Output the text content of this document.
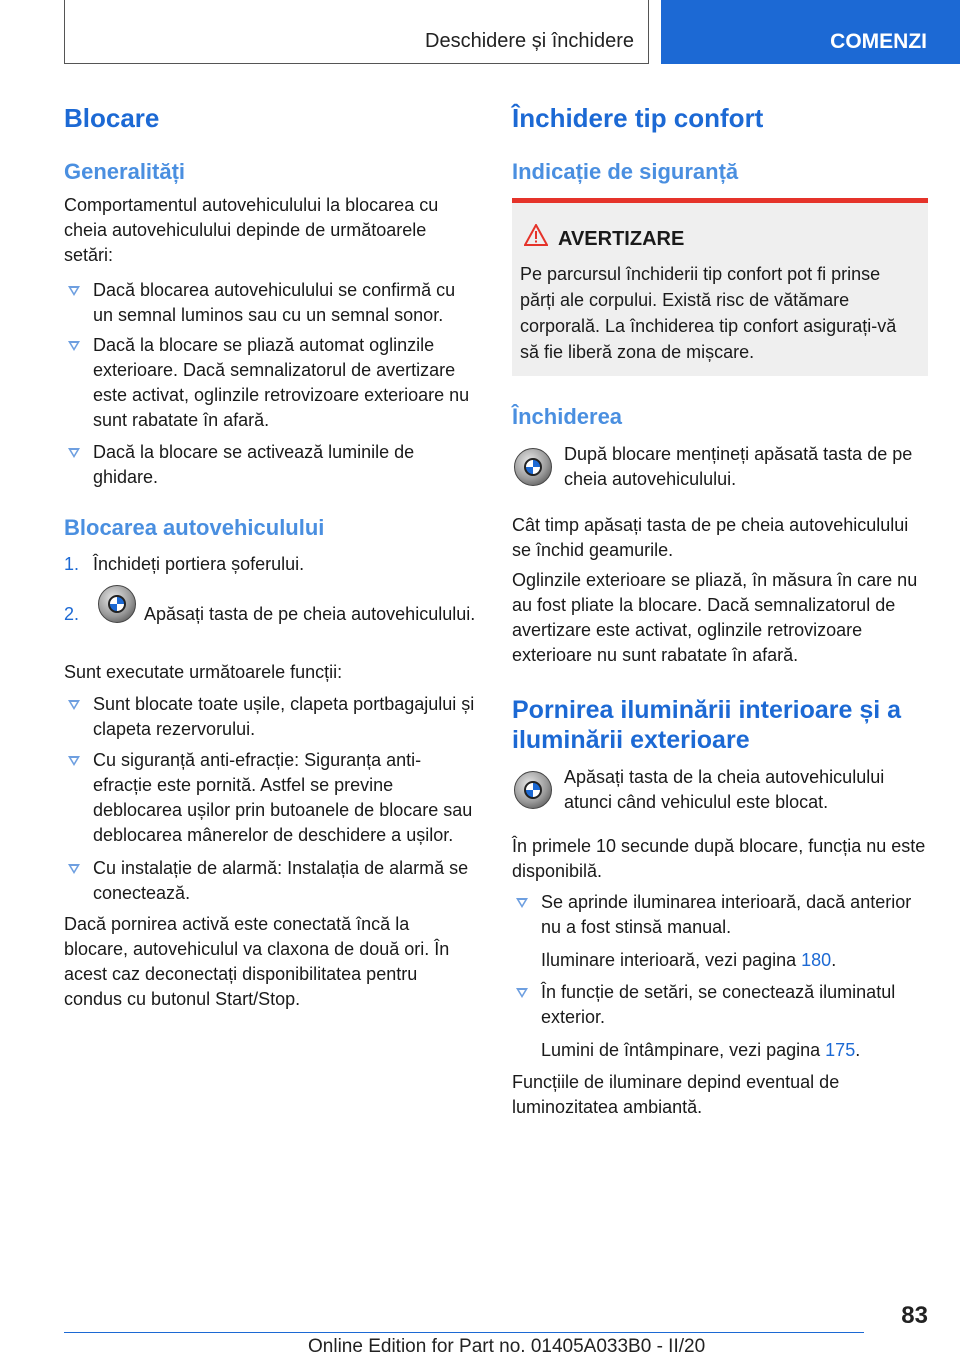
Deschidere și închidere	COMENZI
Blocare
Generalități

Comportamentul autovehiculului la blocarea cu cheia autovehiculului depinde de următoarele setări:

Dacă blocarea autovehiculului se confirmă cu un semnal luminos sau cu un semnal sonor.
Dacă la blocare se pliază automat oglinzile exterioare. Dacă semnalizatorul de avertizare este activat, oglinzile retrovizoare exterioare nu sunt rabatate în afară.
Dacă la blocare se activează luminile de ghidare.
Blocarea autovehiculului
1. Închideți portiera șoferului.

2.	Apăsați tasta de pe cheia autovehiculului.

Sunt executate următoarele funcții:

Sunt blocate toate ușile, clapeta portbagajului și clapeta rezervorului.
Cu siguranță anti-efracție: Siguranța anti-efracție este pornită. Astfel se previne deblocarea ușilor prin butoanele de blocare sau deblocarea mânerelor de deschidere a ușilor.
Cu instalație de alarmă: Instalația de alarmă se conectează.

Dacă pornirea activă este conectată încă la blocare, autovehiculul va claxona de două ori. În acest caz deconectați disponibilitatea pentru condus cu butonul Start/Stop.

Închidere tip confort
Indicație de siguranță
AVERTIZARE

Pe parcursul închiderii tip confort pot fi prinse părți ale corpului. Există risc de vătămare corporală. La închiderea tip confort asigurați-vă să fie liberă zona de mișcare.

Închiderea

După blocare mențineți apăsată tasta de pe cheia autovehiculului.

Cât timp apăsați tasta de pe cheia autovehiculului se închid geamurile.

Oglinzile exterioare se pliază, în măsura în care nu au fost pliate la blocare. Dacă semnalizatorul de avertizare este activat, oglinzile retrovizoare exterioare nu sunt rabatate în afară.

Pornirea iluminării interioare și a iluminării exterioare

Apăsați tasta de la cheia autovehiculului atunci când vehiculul este blocat.

În primele 10 secunde după blocare, funcția nu este disponibilă.

Se aprinde iluminarea interioară, dacă anterior nu a fost stinsă manual.

Iluminare interioară, vezi pagina 180.

În funcție de setări, se conectează iluminatul exterior.

Lumini de întâmpinare, vezi pagina 175.

Funcțiile de iluminare depind eventual de luminozitatea ambiantă.

83
Online Edition for Part no. 01405A033B0 - II/20
